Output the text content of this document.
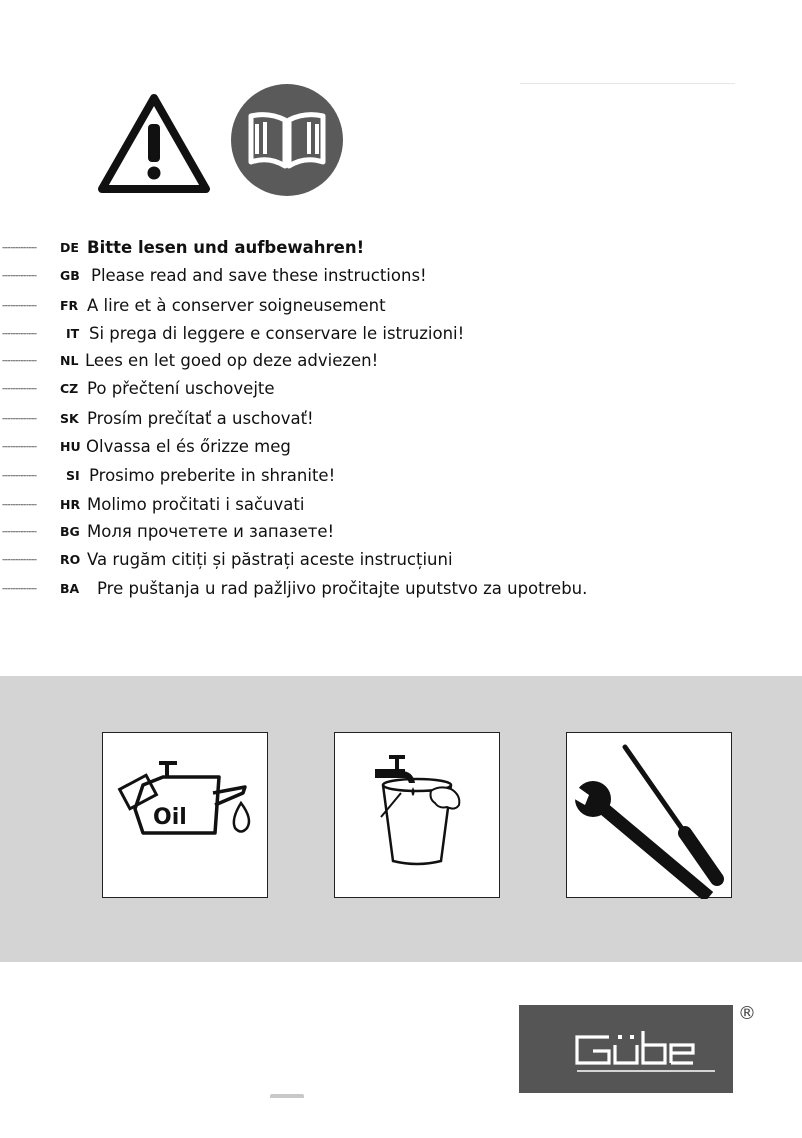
------------- DE Bitte lesen und aufbewahren!
------------- GB Please read and save these instructions!
------------- FR A lire et à conserver soigneusement
------------- IT Si prega di leggere e conservare le istruzioni!
------------- NL Lees en let goed op deze adviezen!
------------- CZ Po přečtení uschovejte
------------- SK Prosím prečítať a uschovať!
------------- HU Olvassa el és őrizze meg
------------- SI Prosimo preberite in shranite!
------------- HR Molimo pročitati i sačuvati
------------- BG Моля прочетете и запазете!
------------- RO Va rugăm citiți și păstrați aceste instrucțiuni
------------- BA Pre puštanja u rad pažljivo pročitajte uputstvo za upotrebu.
Oil
®
